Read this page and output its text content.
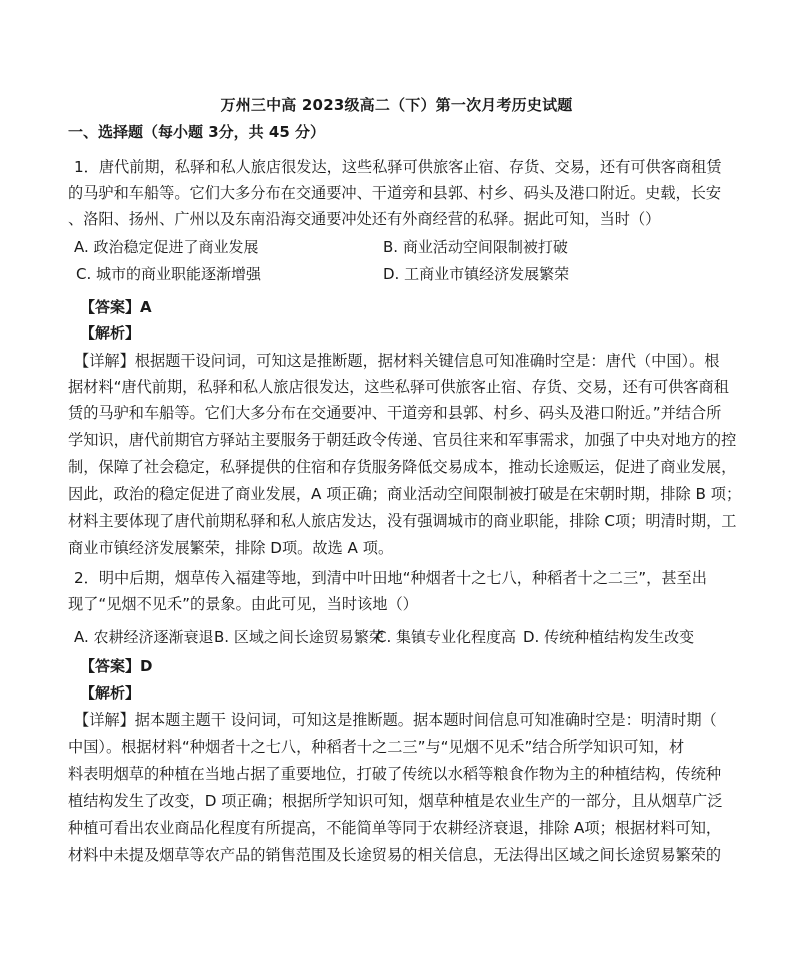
万州三中高 2023级高二（下）第一次月考历史试题
一、选择题（每小题 3分，共 45 分）
1．唐代前期，私驿和私人旅店很发达，这些私驿可供旅客止宿、存货、交易，还有可供客商租赁
的马驴和车船等。它们大多分布在交通要冲、干道旁和县郭、村乡、码头及港口附近。史载，长安
、洛阳、扬州、广州以及东南沿海交通要冲处还有外商经营的私驿。据此可知，当时（）
A. 政治稳定促进了商业发展	B. 商业活动空间限制被打破
C. 城市的商业职能逐渐增强	D. 工商业市镇经济发展繁荣
【答案】A
【解析】
【详解】根据题干设问词，可知这是推断题，据材料关键信息可知准确时空是：唐代（中国）。根
据材料“唐代前期，私驿和私人旅店很发达，这些私驿可供旅客止宿、存货、交易，还有可供客商租
赁的马驴和车船等。它们大多分布在交通要冲、干道旁和县郭、村乡、码头及港口附近。”并结合所
学知识，唐代前期官方驿站主要服务于朝廷政令传递、官员往来和军事需求，加强了中央对地方的控
制，保障了社会稳定，私驿提供的住宿和存货服务降低交易成本，推动长途贩运，促进了商业发展，
因此，政治的稳定促进了商业发展，A 项正确；商业活动空间限制被打破是在宋朝时期，排除 B 项；
材料主要体现了唐代前期私驿和私人旅店发达，没有强调城市的商业职能，排除 C项；明清时期，工
商业市镇经济发展繁荣，排除 D项。故选 A 项。
2．明中后期，烟草传入福建等地，到清中叶田地“种烟者十之七八，种稻者十之二三”，甚至出
现了“见烟不见禾”的景象。由此可见，当时该地（）
A. 农耕经济逐渐衰退 B. 区域之间长途贸易繁荣
C. 集镇专业化程度高 D. 传统种植结构发生改变
【答案】D
【解析】
【详解】据本题主题干 设问词，可知这是推断题。据本题时间信息可知准确时空是：明清时期（
中国）。根据材料“种烟者十之七八，种稻者十之二三”与“见烟不见禾”结合所学知识可知，材
料表明烟草的种植在当地占据了重要地位，打破了传统以水稻等粮食作物为主的种植结构，传统种
植结构发生了改变，D 项正确；根据所学知识可知，烟草种植是农业生产的一部分，且从烟草广泛
种植可看出农业商品化程度有所提高，不能简单等同于农耕经济衰退，排除 A项；根据材料可知，
材料中未提及烟草等农产品的销售范围及长途贸易的相关信息，无法得出区域之间长途贸易繁荣的
